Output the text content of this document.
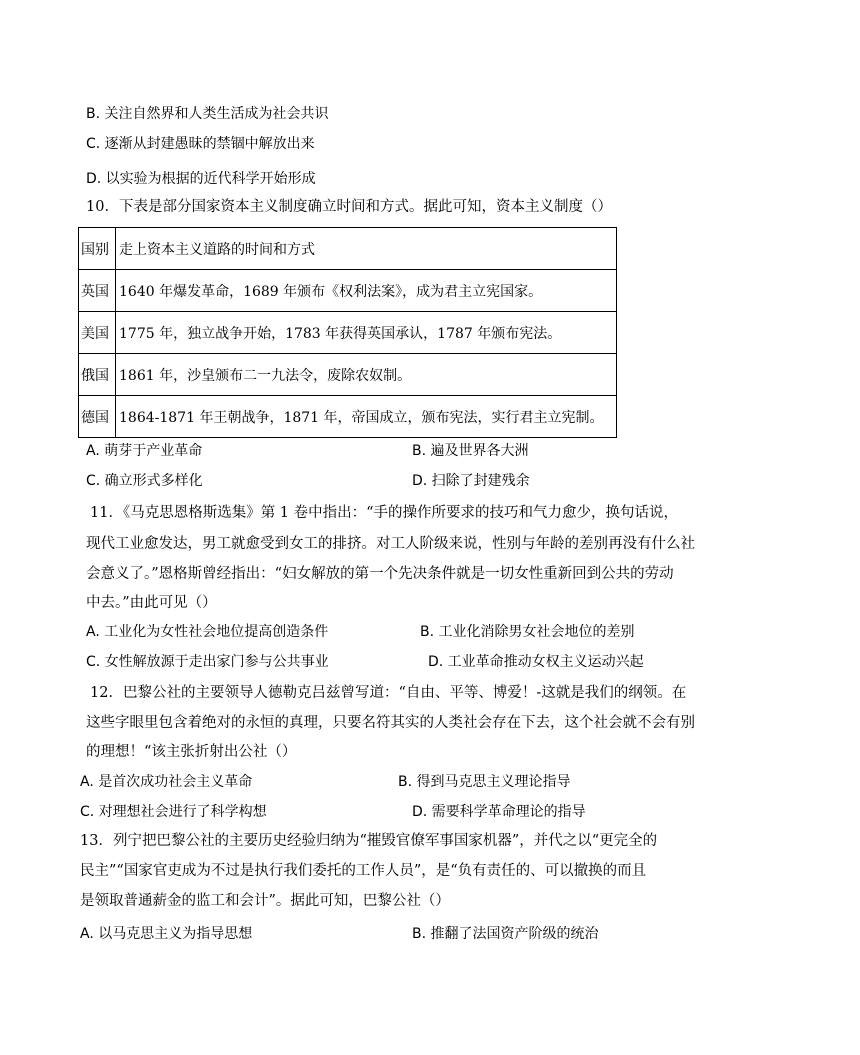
B. 关注自然界和人类生活成为社会共识
C. 逐渐从封建愚昧的禁锢中解放出来
D. 以实验为根据的近代科学开始形成
10．下表是部分国家资本主义制度确立时间和方式。据此可知，资本主义制度（）
国别	走上资本主义道路的时间和方式
英国	1640 年爆发革命，1689 年颁布《权利法案》，成为君主立宪国家。
美国	1775 年，独立战争开始，1783 年获得英国承认，1787 年颁布宪法。
俄国	1861 年，沙皇颁布二一九法令，废除农奴制。
德国	1864-1871 年王朝战争，1871 年，帝国成立，颁布宪法，实行君主立宪制。
A. 萌芽于产业革命	B. 遍及世界各大洲
C. 确立形式多样化	D. 扫除了封建残余
11．《马克思恩格斯选集》第 1 卷中指出：“手的操作所要求的技巧和气力愈少，换句话说，
现代工业愈发达，男工就愈受到女工的排挤。对工人阶级来说，性别与年龄的差别再没有什么社
会意义了。”恩格斯曾经指出：“妇女解放的第一个先决条件就是一切女性重新回到公共的劳动
中去。”由此可见（）
A. 工业化为女性社会地位提高创造条件	B. 工业化消除男女社会地位的差别
C. 女性解放源于走出家门参与公共事业	D. 工业革命推动女权主义运动兴起
12．巴黎公社的主要领导人德勒克吕兹曾写道：“自由、平等、博爱！-这就是我们的纲领。在
这些字眼里包含着绝对的永恒的真理，只要名符其实的人类社会存在下去，这个社会就不会有别
的理想！“该主张折射出公社（）
A. 是首次成功社会主义革命	B. 得到马克思主义理论指导
C. 对理想社会进行了科学构想	D. 需要科学革命理论的指导
13．列宁把巴黎公社的主要历史经验归纳为“摧毁官僚军事国家机器”，并代之以“更完全的
民主”“国家官吏成为不过是执行我们委托的工作人员”，是“负有责任的、可以撤换的而且
是领取普通薪金的监工和会计”。据此可知，巴黎公社（）
A. 以马克思主义为指导思想	B. 推翻了法国资产阶级的统治
